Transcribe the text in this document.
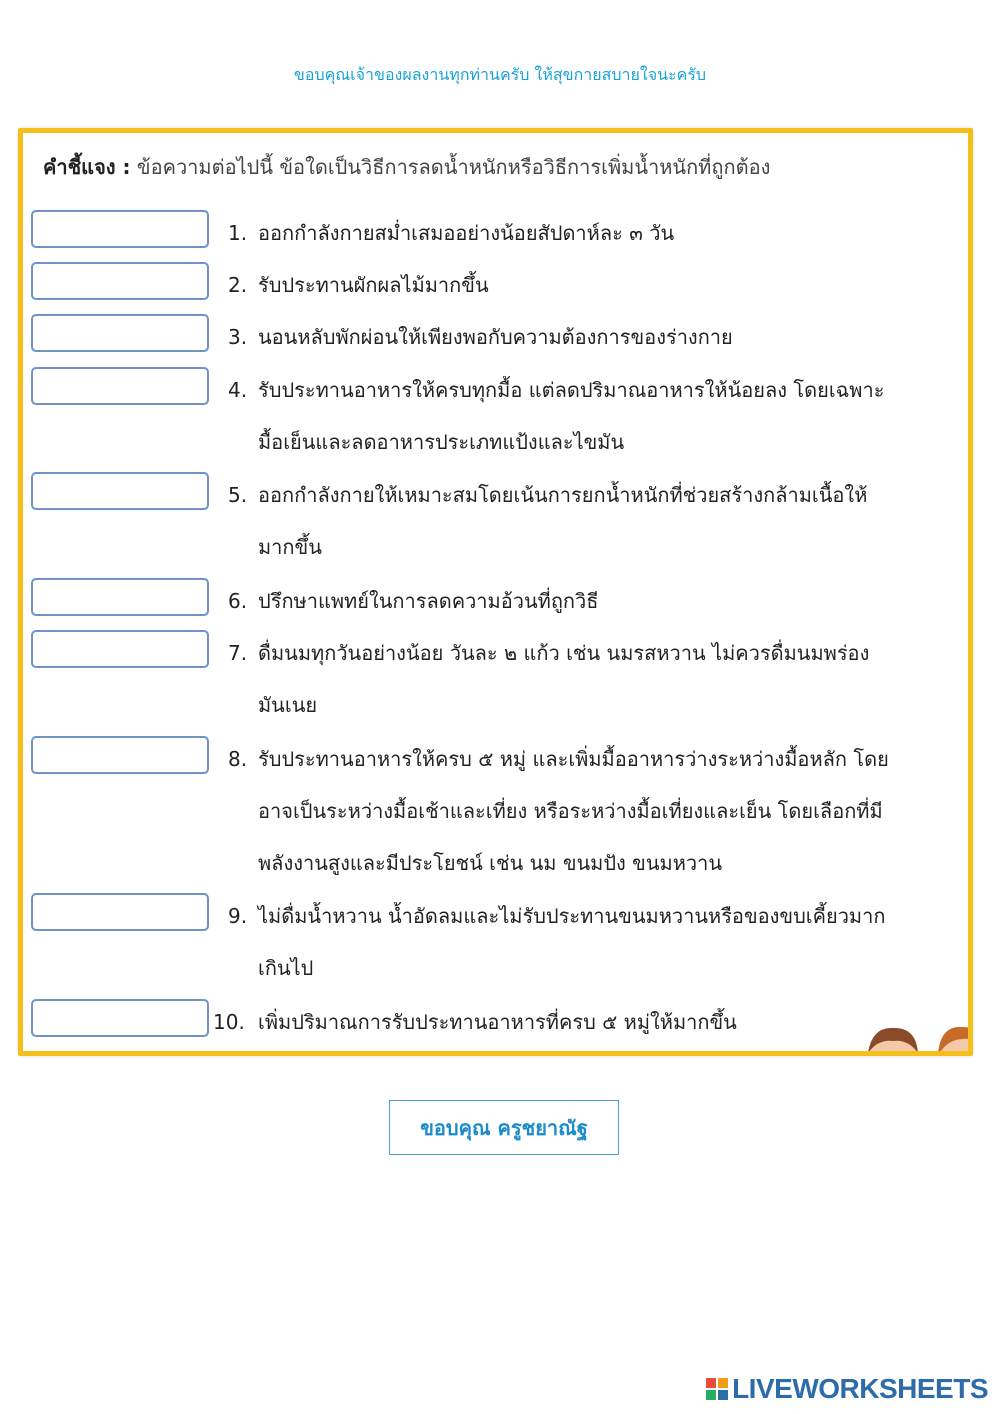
ขอบคุณเจ้าของผลงานทุกท่านครับ ให้สุขกายสบายใจนะครับ
คำชี้แจง : ข้อความต่อไปนี้ ข้อใดเป็นวิธีการลดน้ำหนักหรือวิธีการเพิ่มน้ำหนักที่ถูกต้อง
1. ออกกำลังกายสม่ำเสมออย่างน้อยสัปดาห์ละ ๓ วัน
2. รับประทานผักผลไม้มากขึ้น
3. นอนหลับพักผ่อนให้เพียงพอกับความต้องการของร่างกาย
4. รับประทานอาหารให้ครบทุกมื้อ แต่ลดปริมาณอาหารให้น้อยลง โดยเฉพาะ
มื้อเย็นและลดอาหารประเภทแป้งและไขมัน
5. ออกกำลังกายให้เหมาะสมโดยเน้นการยกน้ำหนักที่ช่วยสร้างกล้ามเนื้อให้
มากขึ้น
6. ปรึกษาแพทย์ในการลดความอ้วนที่ถูกวิธี
7. ดื่มนมทุกวันอย่างน้อย วันละ ๒ แก้ว เช่น นมรสหวาน ไม่ควรดื่มนมพร่อง
มันเนย
8. รับประทานอาหารให้ครบ ๕ หมู่ และเพิ่มมื้ออาหารว่างระหว่างมื้อหลัก โดย
อาจเป็นระหว่างมื้อเช้าและเที่ยง หรือระหว่างมื้อเที่ยงและเย็น โดยเลือกที่มี
พลังงานสูงและมีประโยชน์ เช่น นม ขนมปัง ขนมหวาน
9. ไม่ดื่มน้ำหวาน น้ำอัดลมและไม่รับประทานขนมหวานหรือของขบเคี้ยวมาก
เกินไป
10. เพิ่มปริมาณการรับประทานอาหารที่ครบ ๕ หมู่ให้มากขึ้น
ขอบคุณ ครูชยาณัฐ
LIVEWORKSHEETS
